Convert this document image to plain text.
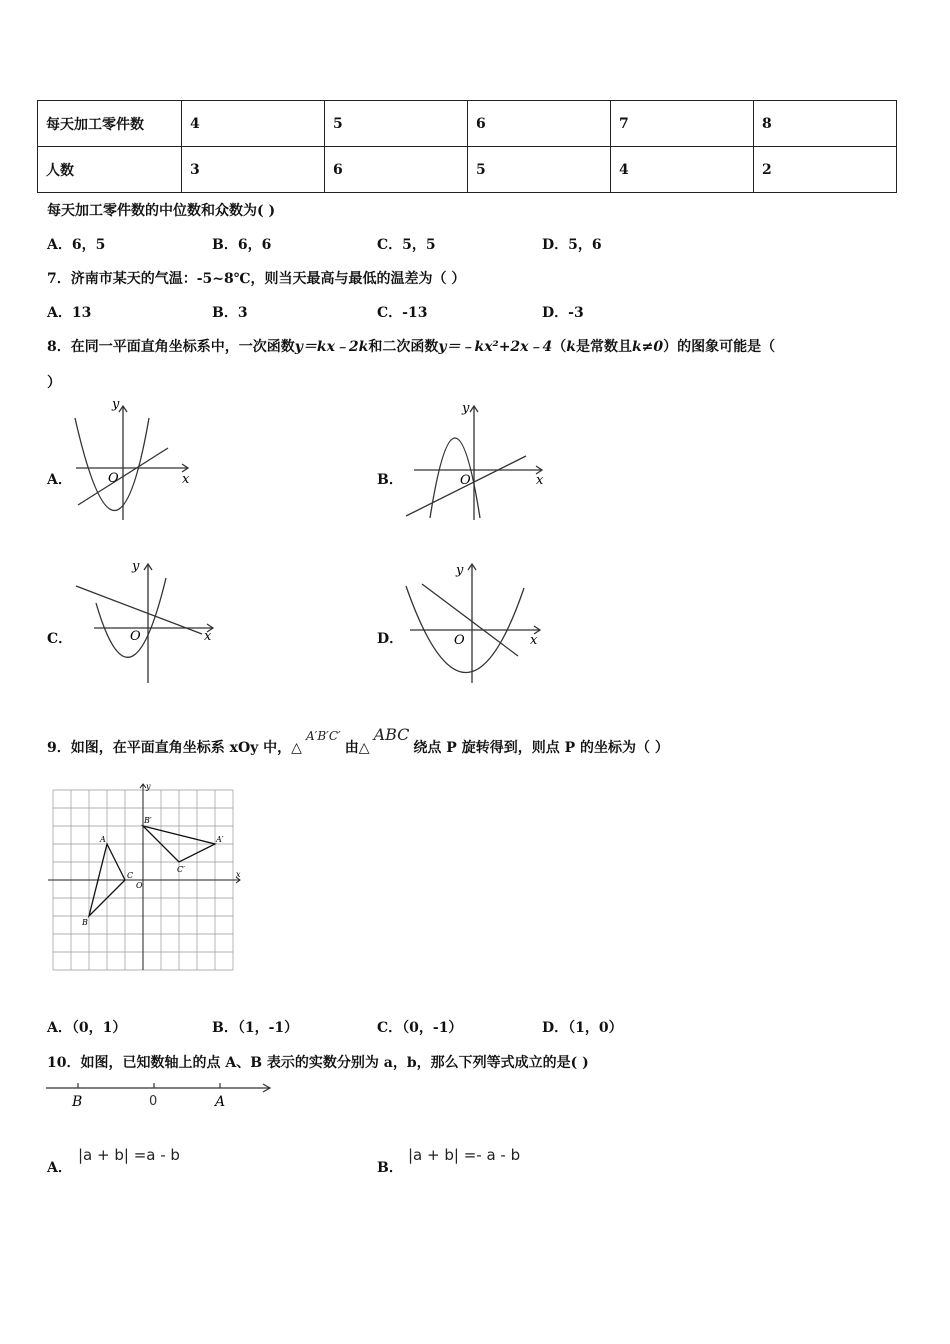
每天加工零件数	4	5	6	7	8
人数	3	6	5	4	2
每天加工零件数的中位数和众数为( )
A．6，5	B．6，6	C．5，5	D．5，6
7．济南市某天的气温：-5~8℃，则当天最高与最低的温差为（ ）
A．13	B．3	C．-13	D．-3
8．在同一平面直角坐标系中，一次函数y＝kx﹣2k和二次函数y＝﹣kx²+2x﹣4（k是常数且k≠0）的图象可能是（
）
A．	B．
C．	D．
y
x
O
y
x
O
y
x
O
y
x
O
9．如图，在平面直角坐标系 xOy 中，△A′B′C′由△ABC绕点 P 旋转得到，则点 P 的坐标为（ ）
A
B
C
O
A′
B′
C′
x
y
A．（0，1）	B．（1，-1）	C．（0，-1）	D．（1，0）
10．如图，已知数轴上的点 A、B 表示的实数分别为 a，b，那么下列等式成立的是( )
B	0	A
A．
|a + b| =a - b
B．
|a + b| =- a - b
